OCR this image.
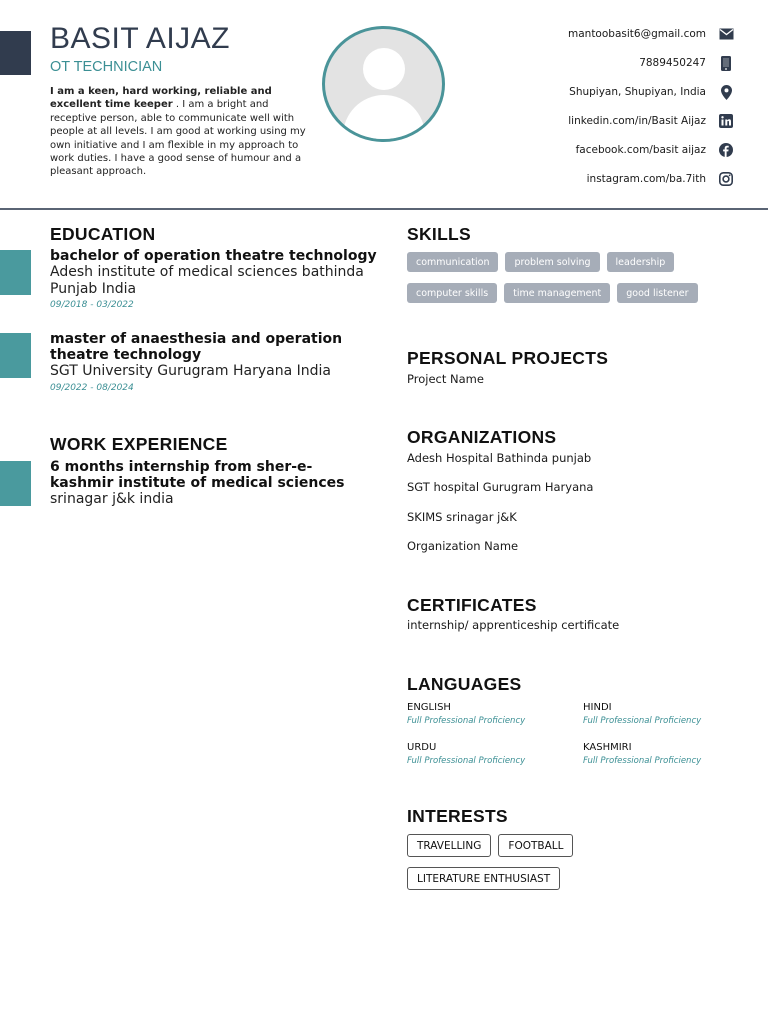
BASIT AIJAZ
OT TECHNICIAN
I am a keen, hard working, reliable and excellent time keeper . I am a bright and receptive person, able to communicate well with people at all levels. I am good at working using my own initiative and I am flexible in my approach to work duties. I have a good sense of humour and a pleasant approach.
mantoobasit6@gmail.com
7889450247
Shupiyan, Shupiyan, India
linkedin.com/in/Basit Aijaz
facebook.com/basit aijaz
instagram.com/ba.7ith
EDUCATION
bachelor of operation theatre technology
Adesh institute of medical sciences bathinda Punjab India
09/2018 - 03/2022
master of anaesthesia and operation theatre technology
SGT University Gurugram Haryana India
09/2022 - 08/2024
WORK EXPERIENCE
6 months internship from sher-e-kashmir institute of medical sciences
srinagar j&k india
SKILLS
communication	problem solving	leadership
computer skills	time management	good listener
PERSONAL PROJECTS
Project Name
ORGANIZATIONS
Adesh Hospital Bathinda punjab
SGT hospital Gurugram Haryana
SKIMS srinagar j&K
Organization Name
CERTIFICATES
internship/ apprenticeship certificate
LANGUAGES
ENGLISH
Full Professional Proficiency
HINDI
Full Professional Proficiency
URDU
Full Professional Proficiency
KASHMIRI
Full Professional Proficiency
INTERESTS
TRAVELLING	FOOTBALL
LITERATURE ENTHUSIAST
